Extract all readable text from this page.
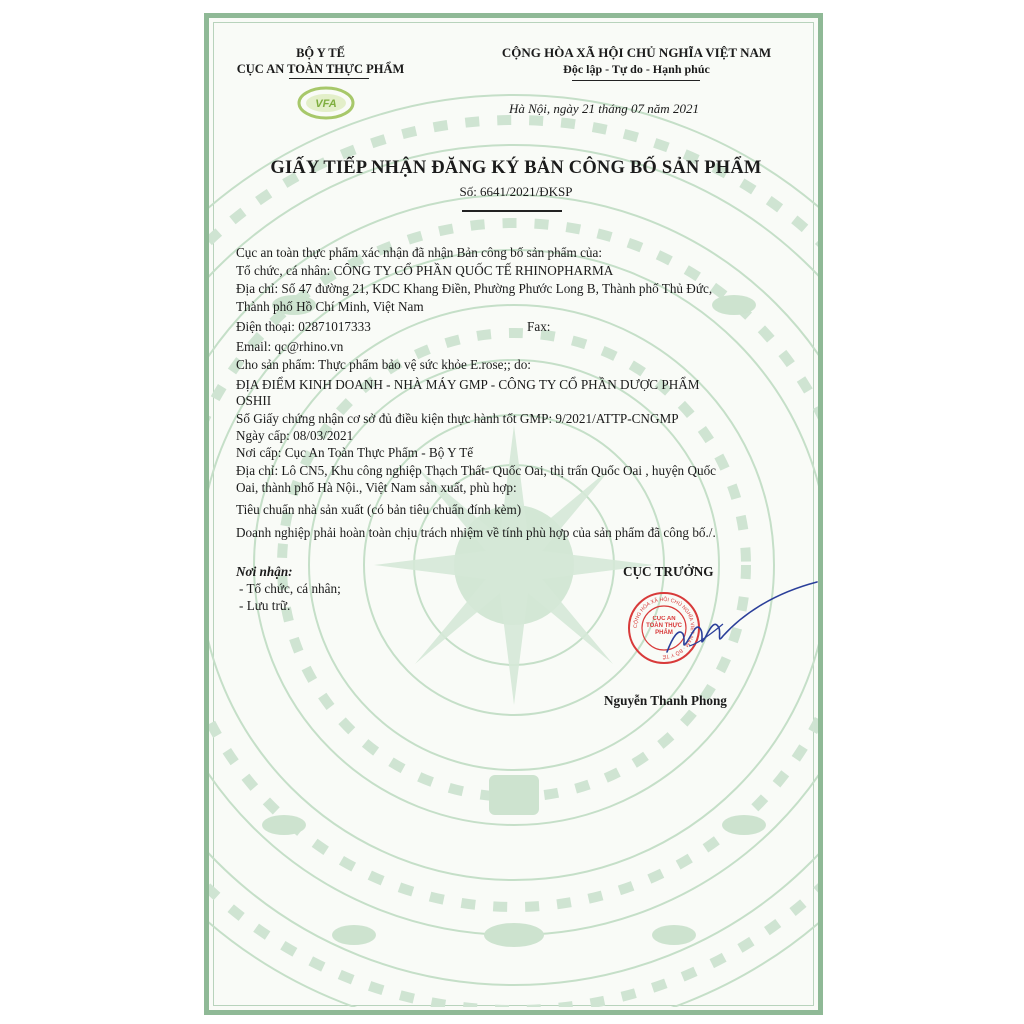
BỘ Y TẾ
CỤC AN TOÀN THỰC PHẨM
VFA
CỘNG HÒA XÃ HỘI CHỦ NGHĨA VIỆT NAM
Độc lập - Tự do - Hạnh phúc
Hà Nội, ngày 21 tháng 07 năm 2021
GIẤY TIẾP NHẬN ĐĂNG KÝ BẢN CÔNG BỐ SẢN PHẨM
Số: 6641/2021/ĐKSP
Cục an toàn thực phẩm xác nhận đã nhận Bản công bố sản phẩm của:
Tổ chức, cá nhân: CÔNG TY CỔ PHẦN QUỐC TẾ RHINOPHARMA
Địa chỉ: Số 47 đường 21, KDC Khang Điền, Phường Phước Long B, Thành phố Thủ Đức,
Thành phố Hồ Chí Minh, Việt Nam
Điện thoại: 02871017333	Fax:
Email: qc@rhino.vn
Cho sản phẩm: Thực phẩm bảo vệ sức khỏe E.rose;; do:
ĐỊA ĐIỂM KINH DOANH - NHÀ MÁY GMP - CÔNG TY CỔ PHẦN DƯỢC PHẨM
OSHII
Số Giấy chứng nhận cơ sở đủ điều kiện thực hành tốt GMP: 9/2021/ATTP-CNGMP
Ngày cấp: 08/03/2021
Nơi cấp: Cục An Toàn Thực Phẩm - Bộ Y Tế
Địa chỉ: Lô CN5, Khu công nghiệp Thạch Thất- Quốc Oai, thị trấn Quốc Oai , huyện Quốc
Oai, thành phố Hà Nội., Việt Nam sản xuất, phù hợp:
Tiêu chuẩn nhà sản xuất (có bản tiêu chuẩn đính kèm)
Doanh nghiệp phải hoàn toàn chịu trách nhiệm về tính phù hợp của sản phẩm đã công bố./.
Nơi nhận:
- Tổ chức, cá nhân;
- Lưu trữ.
CỤC TRƯỞNG
CỘNG HÒA XÃ HỘI CHỦ NGHĨA VIỆT NAM · BỘ Y TẾ
CỤC AN TOÀN THỰC PHẨM
Nguyễn Thanh Phong
